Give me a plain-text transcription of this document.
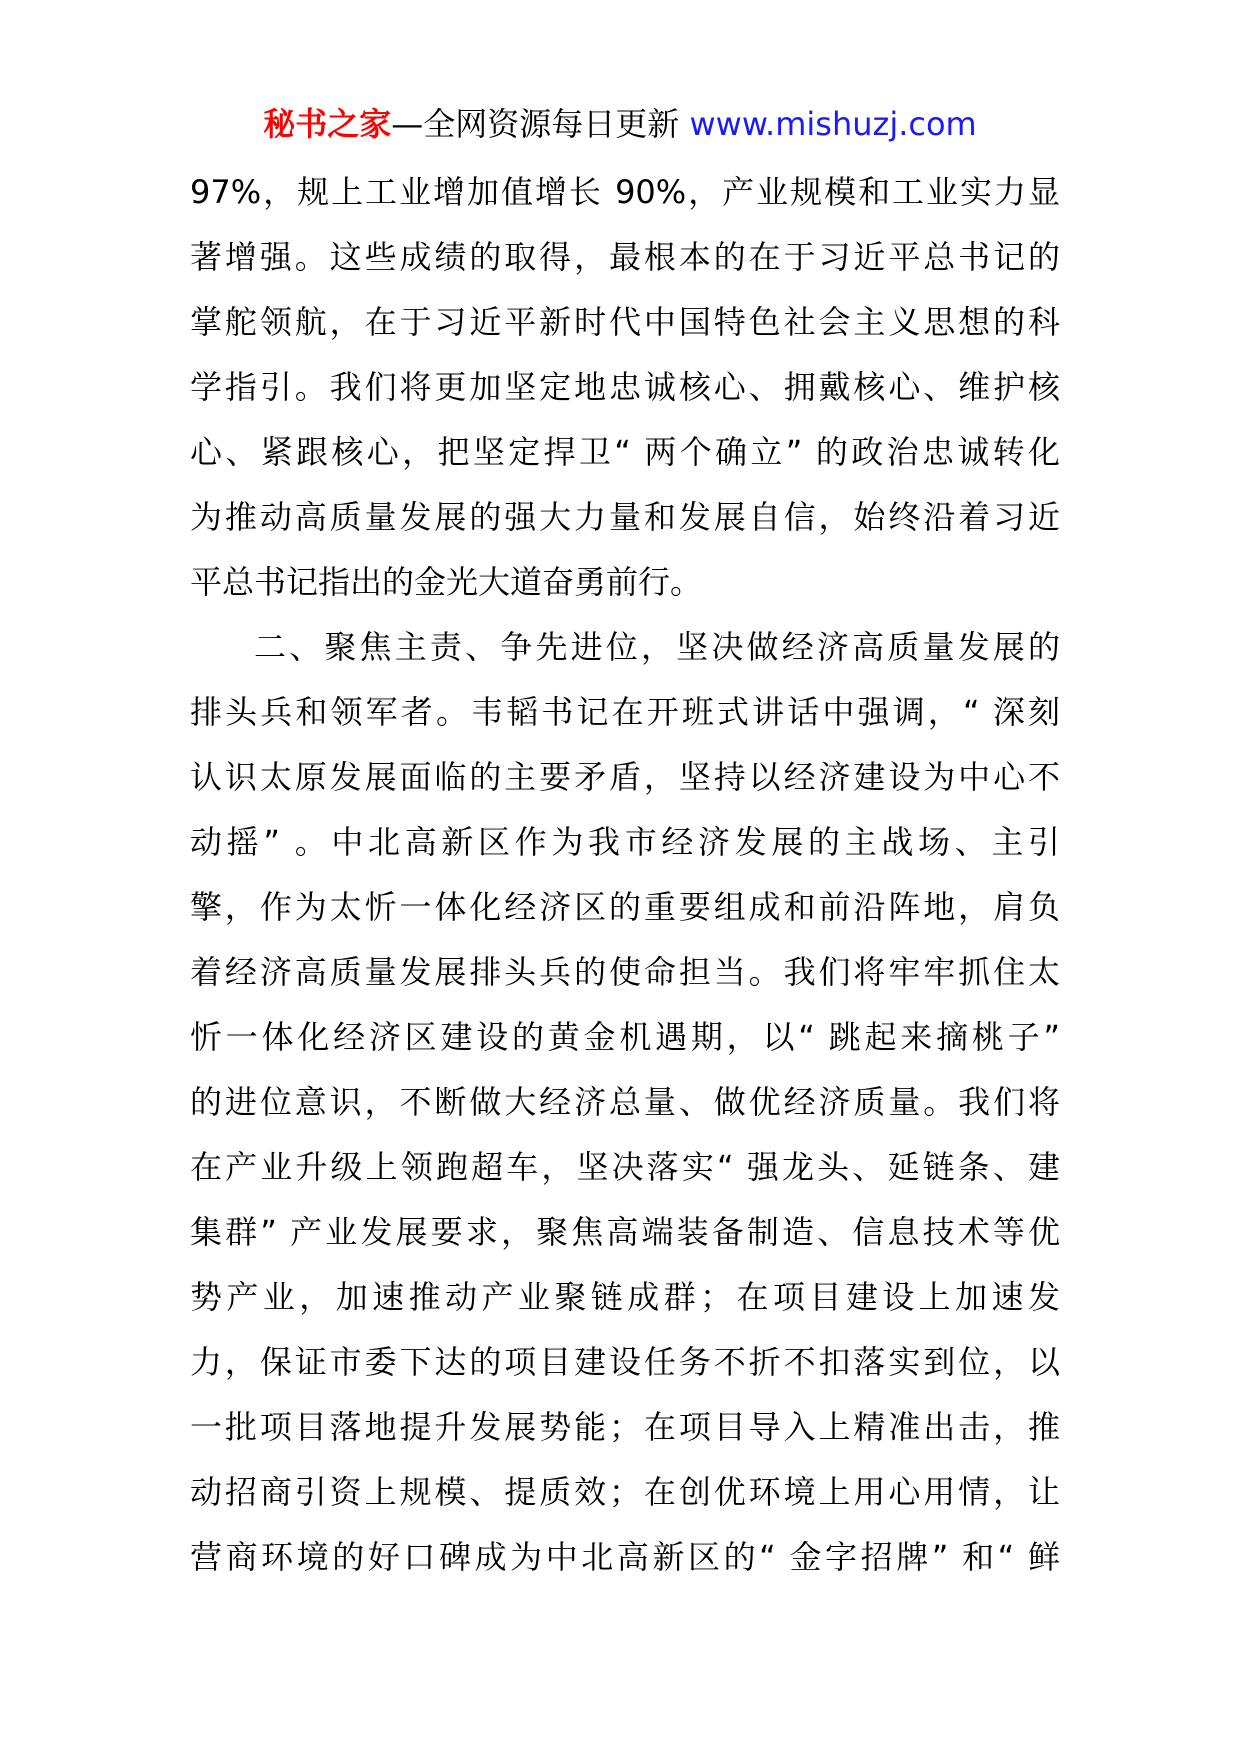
秘书之家—全网资源每日更新 www.mishuzj.com
97%，规上工业增加值增长 90%，产业规模和工业实力显
著增强。这些成绩的取得，最根本的在于习近平总书记的
掌舵领航，在于习近平新时代中国特色社会主义思想的科
学指引。我们将更加坚定地忠诚核心、拥戴核心、维护核
心、紧跟核心，把坚定捍卫“ 两个确立” 的政治忠诚转化
为推动高质量发展的强大力量和发展自信，始终沿着习近
平总书记指出的金光大道奋勇前行。
二、聚焦主责、争先进位，坚决做经济高质量发展的
排头兵和领军者。韦韬书记在开班式讲话中强调，“ 深刻
认识太原发展面临的主要矛盾，坚持以经济建设为中心不
动摇” 。中北高新区作为我市经济发展的主战场、主引
擎，作为太忻一体化经济区的重要组成和前沿阵地，肩负
着经济高质量发展排头兵的使命担当。我们将牢牢抓住太
忻一体化经济区建设的黄金机遇期，以“ 跳起来摘桃子”
的进位意识，不断做大经济总量、做优经济质量。我们将
在产业升级上领跑超车，坚决落实“ 强龙头、延链条、建
集群” 产业发展要求，聚焦高端装备制造、信息技术等优
势产业，加速推动产业聚链成群；在项目建设上加速发
力，保证市委下达的项目建设任务不折不扣落实到位，以
一批项目落地提升发展势能；在项目导入上精准出击，推
动招商引资上规模、提质效；在创优环境上用心用情，让
营商环境的好口碑成为中北高新区的“ 金字招牌” 和“ 鲜
